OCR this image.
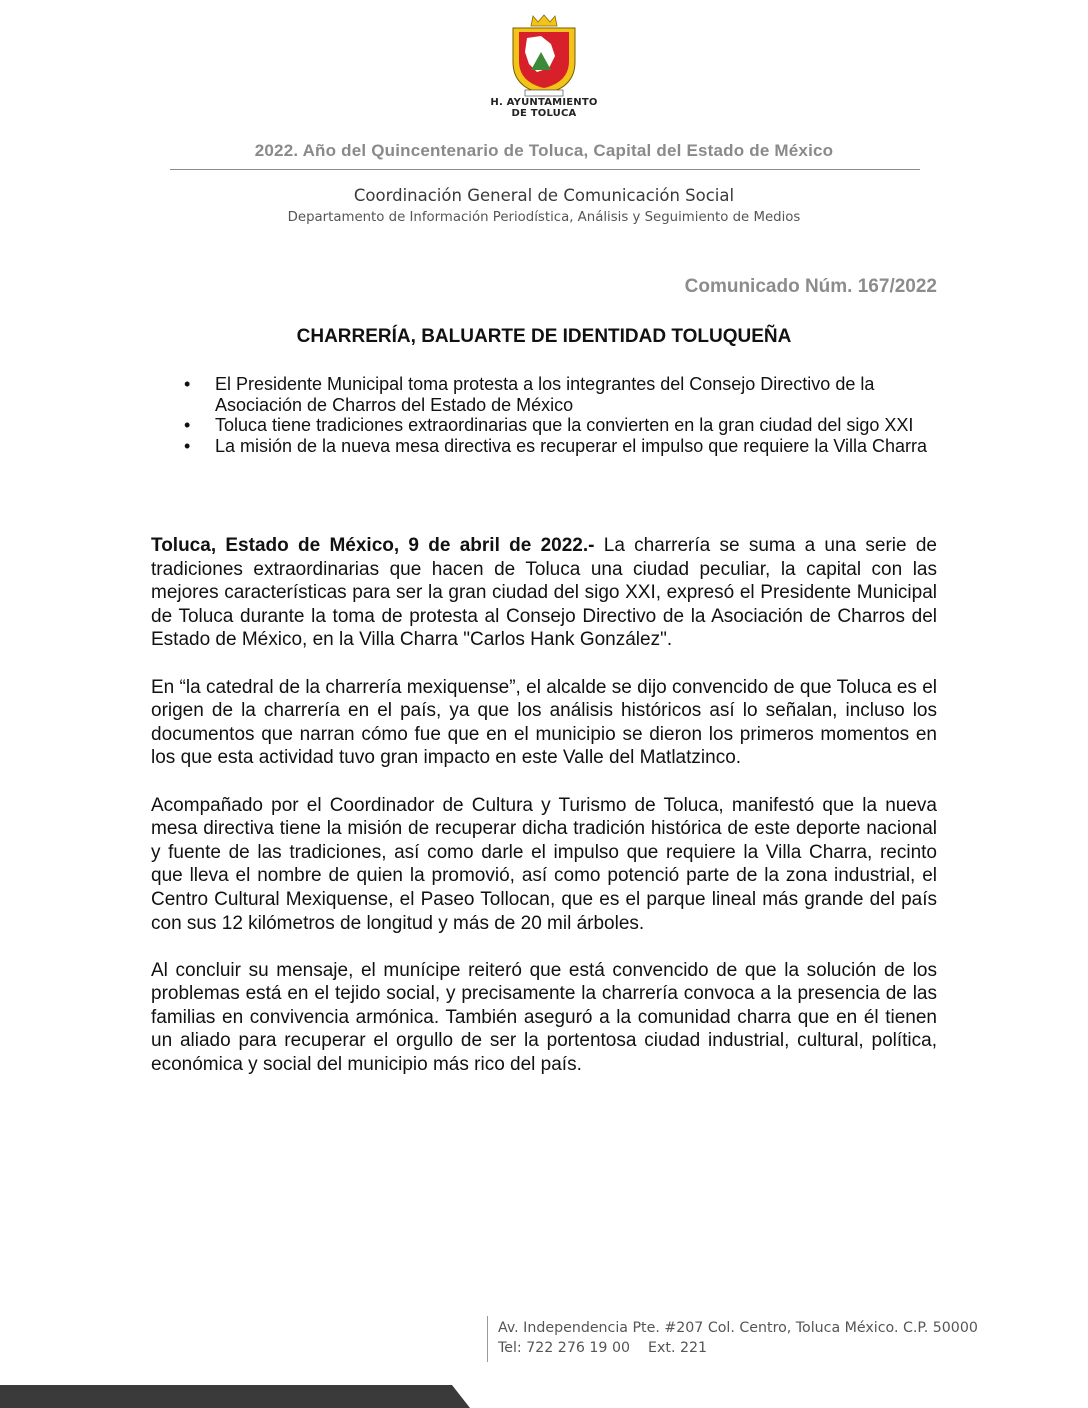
H. AYUNTAMIENTO
DE TOLUCA
2022. Año del Quincentenario de Toluca, Capital del Estado de México
Coordinación General de Comunicación Social
Departamento de Información Periodística, Análisis y Seguimiento de Medios
Comunicado Núm. 167/2022
CHARRERÍA, BALUARTE DE IDENTIDAD TOLUQUEÑA
• El Presidente Municipal toma protesta a los integrantes del Consejo Directivo de la Asociación de Charros del Estado de México
• Toluca tiene tradiciones extraordinarias que la convierten en la gran ciudad del sigo XXI
• La misión de la nueva mesa directiva es recuperar el impulso que requiere la Villa Charra

Toluca, Estado de México, 9 de abril de 2022.- La charrería se suma a una serie de tradiciones extraordinarias que hacen de Toluca una ciudad peculiar, la capital con las mejores características para ser la gran ciudad del sigo XXI, expresó el Presidente Municipal de Toluca durante la toma de protesta al Consejo Directivo de la Asociación de Charros del Estado de México, en la Villa Charra "Carlos Hank González".

En “la catedral de la charrería mexiquense”, el alcalde se dijo convencido de que Toluca es el origen de la charrería en el país, ya que los análisis históricos así lo señalan, incluso los documentos que narran cómo fue que en el municipio se dieron los primeros momentos en los que esta actividad tuvo gran impacto en este Valle del Matlatzinco.

Acompañado por el Coordinador de Cultura y Turismo de Toluca, manifestó que la nueva mesa directiva tiene la misión de recuperar dicha tradición histórica de este deporte nacional y fuente de las tradiciones, así como darle el impulso que requiere la Villa Charra, recinto que lleva el nombre de quien la promovió, así como potenció parte de la zona industrial, el Centro Cultural Mexiquense, el Paseo Tollocan, que es el parque lineal más grande del país con sus 12 kilómetros de longitud y más de 20 mil árboles.

Al concluir su mensaje, el munícipe reiteró que está convencido de que la solución de los problemas está en el tejido social, y precisamente la charrería convoca a la presencia de las familias en convivencia armónica. También aseguró a la comunidad charra que en él tienen un aliado para recuperar el orgullo de ser la portentosa ciudad industrial, cultural, política, económica y social del municipio más rico del país.

Av. Independencia Pte. #207 Col. Centro, Toluca México. C.P. 50000
Tel: 722 276 19 00    Ext. 221
